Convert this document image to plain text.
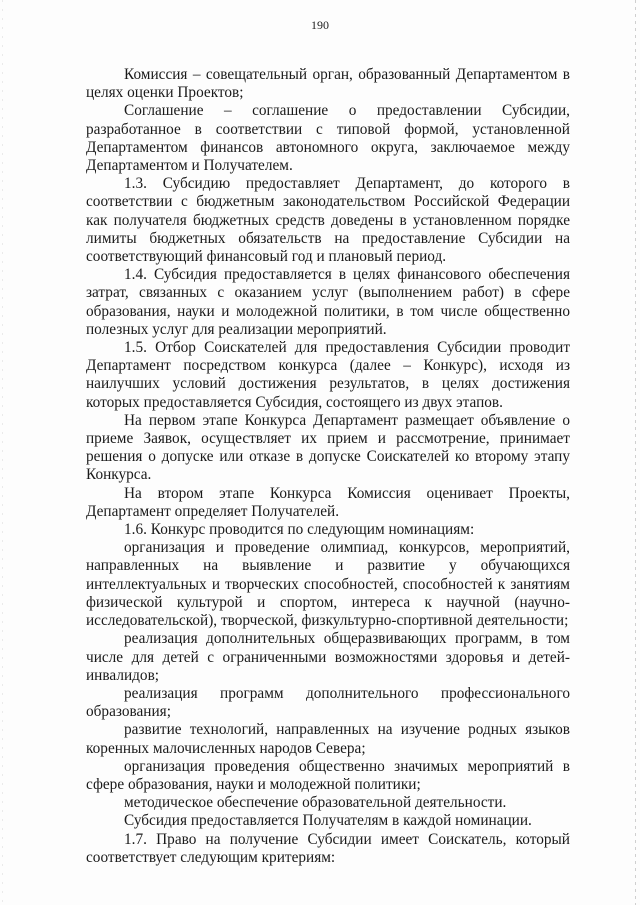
190

Комиссия – совещательный орган, образованный Департаментом в целях оценки Проектов;

Соглашение – соглашение о предоставлении Субсидии, разработанное в соответствии с типовой формой, установленной Департаментом финансов автономного округа, заключаемое между Департаментом и Получателем.

1.3. Субсидию предоставляет Департамент, до которого в соответствии с бюджетным законодательством Российской Федерации как получателя бюджетных средств доведены в установленном порядке лимиты бюджетных обязательств на предоставление Субсидии на соответствующий финансовый год и плановый период.

1.4. Субсидия предоставляется в целях финансового обеспечения затрат, связанных с оказанием услуг (выполнением работ) в сфере образования, науки и молодежной политики, в том числе общественно полезных услуг для реализации мероприятий.

1.5. Отбор Соискателей для предоставления Субсидии проводит Департамент посредством конкурса (далее – Конкурс), исходя из наилучших условий достижения результатов, в целях достижения которых предоставляется Субсидия, состоящего из двух этапов.

На первом этапе Конкурса Департамент размещает объявление о приеме Заявок, осуществляет их прием и рассмотрение, принимает решения о допуске или отказе в допуске Соискателей ко второму этапу Конкурса.

На втором этапе Конкурса Комиссия оценивает Проекты, Департамент определяет Получателей.

1.6. Конкурс проводится по следующим номинациям:

организация и проведение олимпиад, конкурсов, мероприятий, направленных на выявление и развитие у обучающихся интеллектуальных и творческих способностей, способностей к занятиям физической культурой и спортом, интереса к научной (научно-исследовательской), творческой, физкультурно-спортивной деятельности;

реализация дополнительных общеразвивающих программ, в том числе для детей с ограниченными возможностями здоровья и детей-инвалидов;

реализация программ дополнительного профессионального образования;

развитие технологий, направленных на изучение родных языков коренных малочисленных народов Севера;

организация проведения общественно значимых мероприятий в сфере образования, науки и молодежной политики;

методическое обеспечение образовательной деятельности.

Субсидия предоставляется Получателям в каждой номинации.

1.7. Право на получение Субсидии имеет Соискатель, который соответствует следующим критериям:
